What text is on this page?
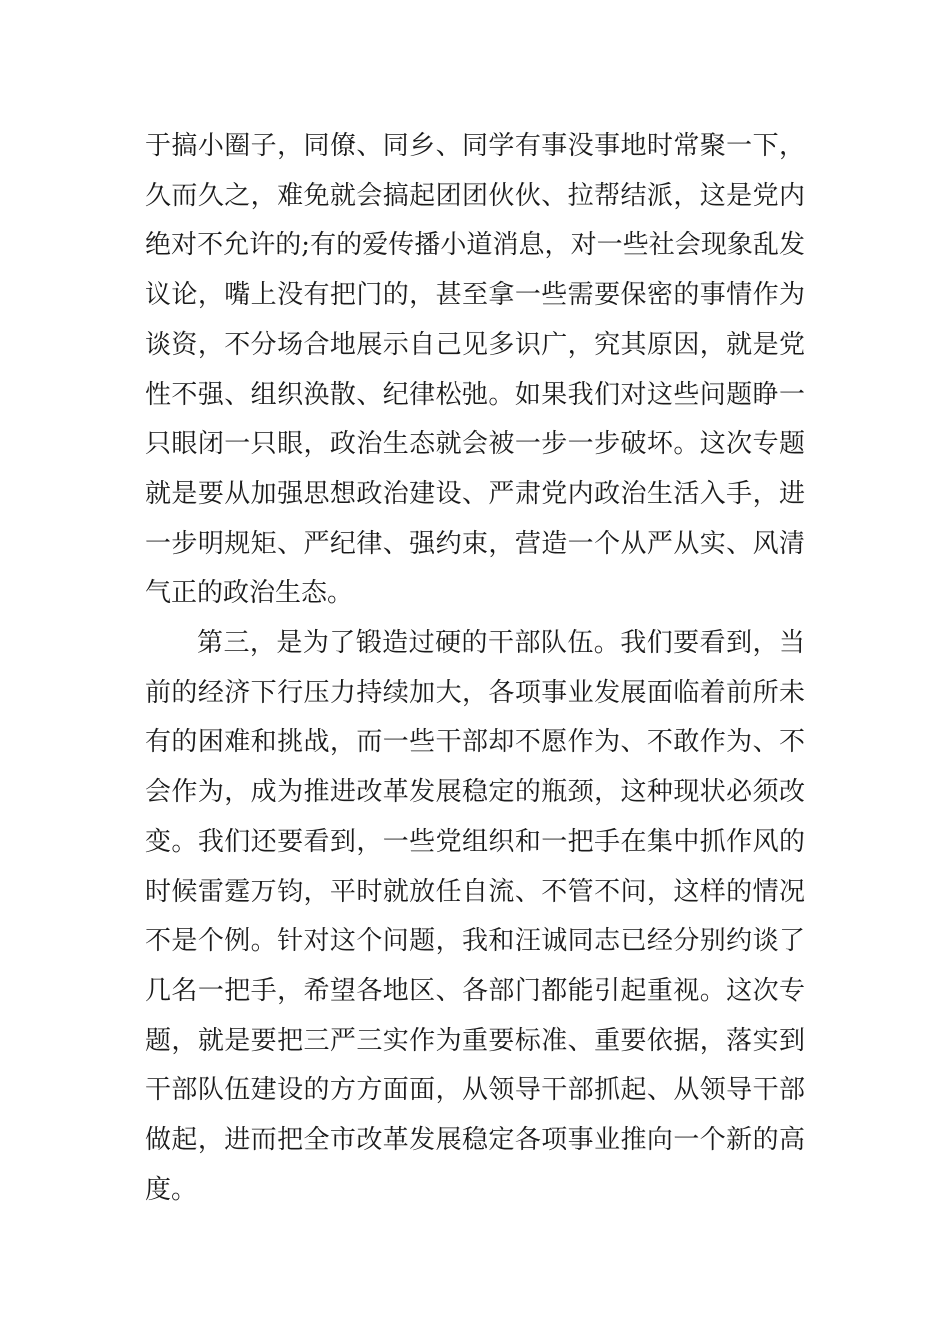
于搞小圈子，同僚、同乡、同学有事没事地时常聚一下，
久而久之，难免就会搞起团团伙伙、拉帮结派，这是党内
绝对不允许的;有的爱传播小道消息，对一些社会现象乱发
议论，嘴上没有把门的，甚至拿一些需要保密的事情作为
谈资，不分场合地展示自己见多识广，究其原因，就是党
性不强、组织涣散、纪律松弛。如果我们对这些问题睁一
只眼闭一只眼，政治生态就会被一步一步破坏。这次专题
就是要从加强思想政治建设、严肃党内政治生活入手，进
一步明规矩、严纪律、强约束，营造一个从严从实、风清
气正的政治生态。
第三，是为了锻造过硬的干部队伍。我们要看到，当
前的经济下行压力持续加大，各项事业发展面临着前所未
有的困难和挑战，而一些干部却不愿作为、不敢作为、不
会作为，成为推进改革发展稳定的瓶颈，这种现状必须改
变。我们还要看到，一些党组织和一把手在集中抓作风的
时候雷霆万钧，平时就放任自流、不管不问，这样的情况
不是个例。针对这个问题，我和汪诚同志已经分别约谈了
几名一把手，希望各地区、各部门都能引起重视。这次专
题，就是要把三严三实作为重要标准、重要依据，落实到
干部队伍建设的方方面面，从领导干部抓起、从领导干部
做起，进而把全市改革发展稳定各项事业推向一个新的高
度。
